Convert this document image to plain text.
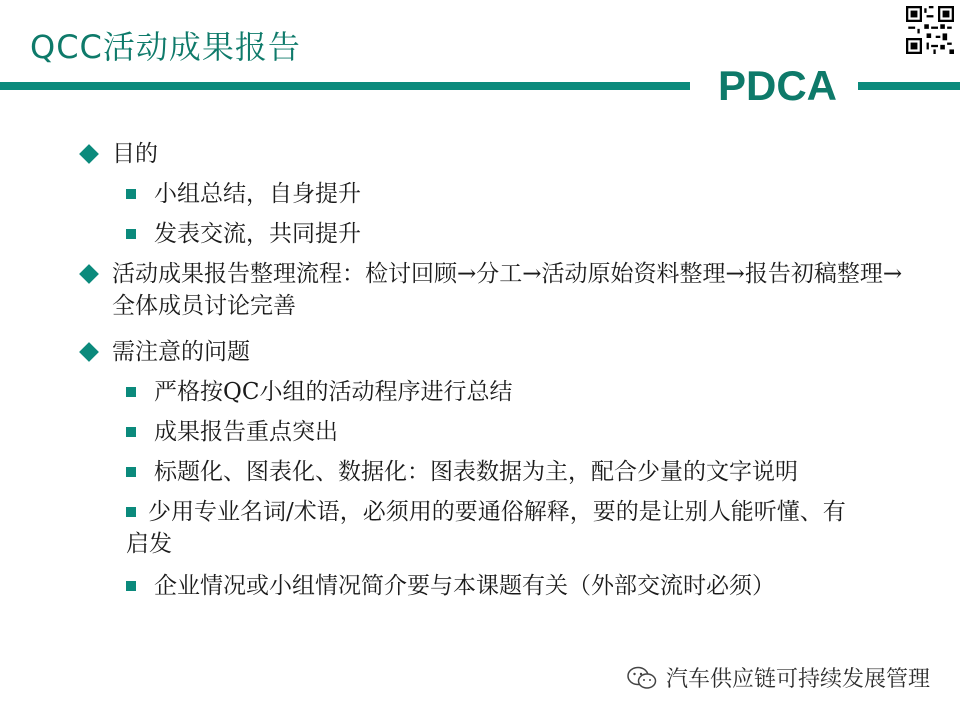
QCC活动成果报告
PDCA
目的
小组总结，自身提升
发表交流，共同提升
活动成果报告整理流程：检讨回顾→分工→活动原始资料整理→报告初稿整理→全体成员讨论完善
需注意的问题
严格按QC小组的活动程序进行总结
成果报告重点突出
标题化、图表化、数据化：图表数据为主，配合少量的文字说明
少用专业名词/术语，必须用的要通俗解释，要的是让别人能听懂、有启发
企业情况或小组情况简介要与本课题有关（外部交流时必须）
汽车供应链可持续发展管理
